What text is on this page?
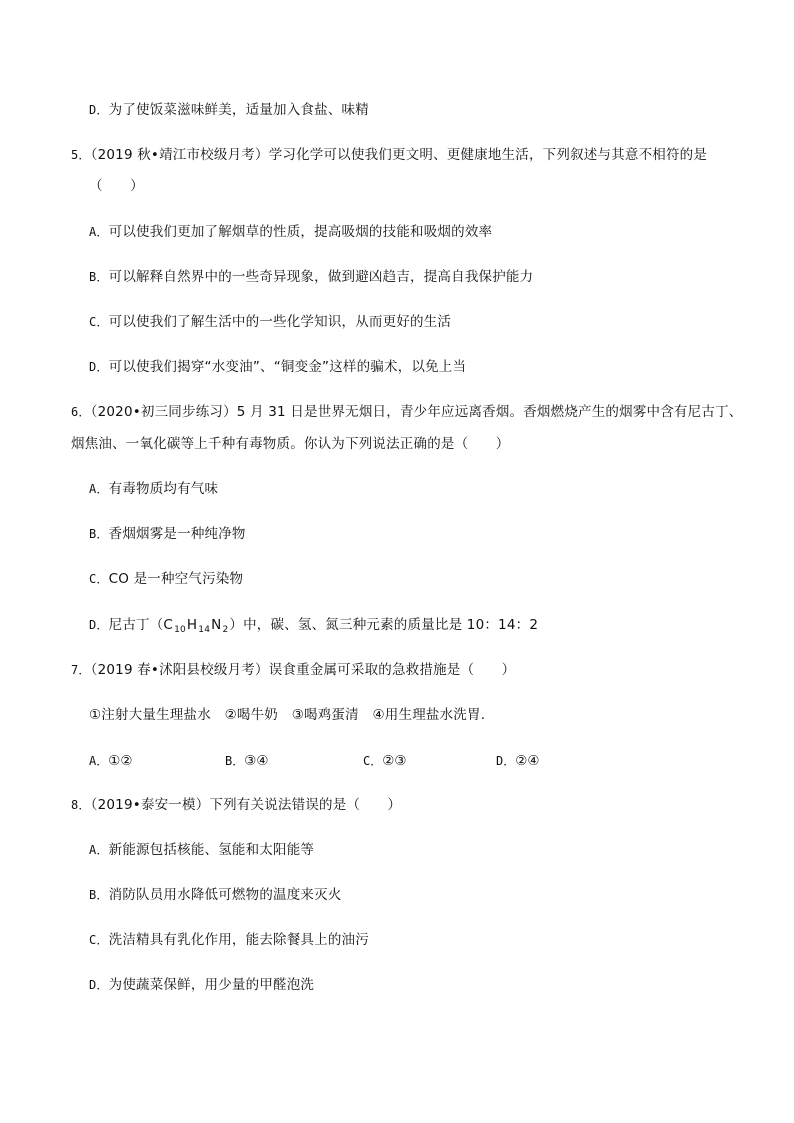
D．为了使饭菜滋味鲜美，适量加入食盐、味精
5．（2019 秋•靖江市校级月考）学习化学可以使我们更文明、更健康地生活，下列叙述与其意不相符的是
（　　）
A．可以使我们更加了解烟草的性质，提高吸烟的技能和吸烟的效率
B．可以解释自然界中的一些奇异现象，做到避凶趋吉，提高自我保护能力
C．可以使我们了解生活中的一些化学知识，从而更好的生活
D．可以使我们揭穿“水变油”、“铜变金”这样的骗术，以免上当
6．（2020•初三同步练习）5 月 31 日是世界无烟日，青少年应远离香烟。香烟燃烧产生的烟雾中含有尼古丁、
烟焦油、一氧化碳等上千种有毒物质。你认为下列说法正确的是（　　）
A．有毒物质均有气味
B．香烟烟雾是一种纯净物
C．CO 是一种空气污染物
D．尼古丁$(C_{10}H_{14}N_2)$中，碳、氢、氮三种元素的质量比是 10：14：2
7．（2019 春•沭阳县校级月考）误食重金属可采取的急救措施是（　　）
①注射大量生理盐水　②喝牛奶　③喝鸡蛋清　④用生理盐水洗胃.
A．①②	B．③④	C．②③	D．②④
8．（2019•泰安一模）下列有关说法错误的是（　　）
A．新能源包括核能、氢能和太阳能等
B．消防队员用水降低可燃物的温度来灭火
C．洗洁精具有乳化作用，能去除餐具上的油污
D．为使蔬菜保鲜，用少量的甲醛泡洗
